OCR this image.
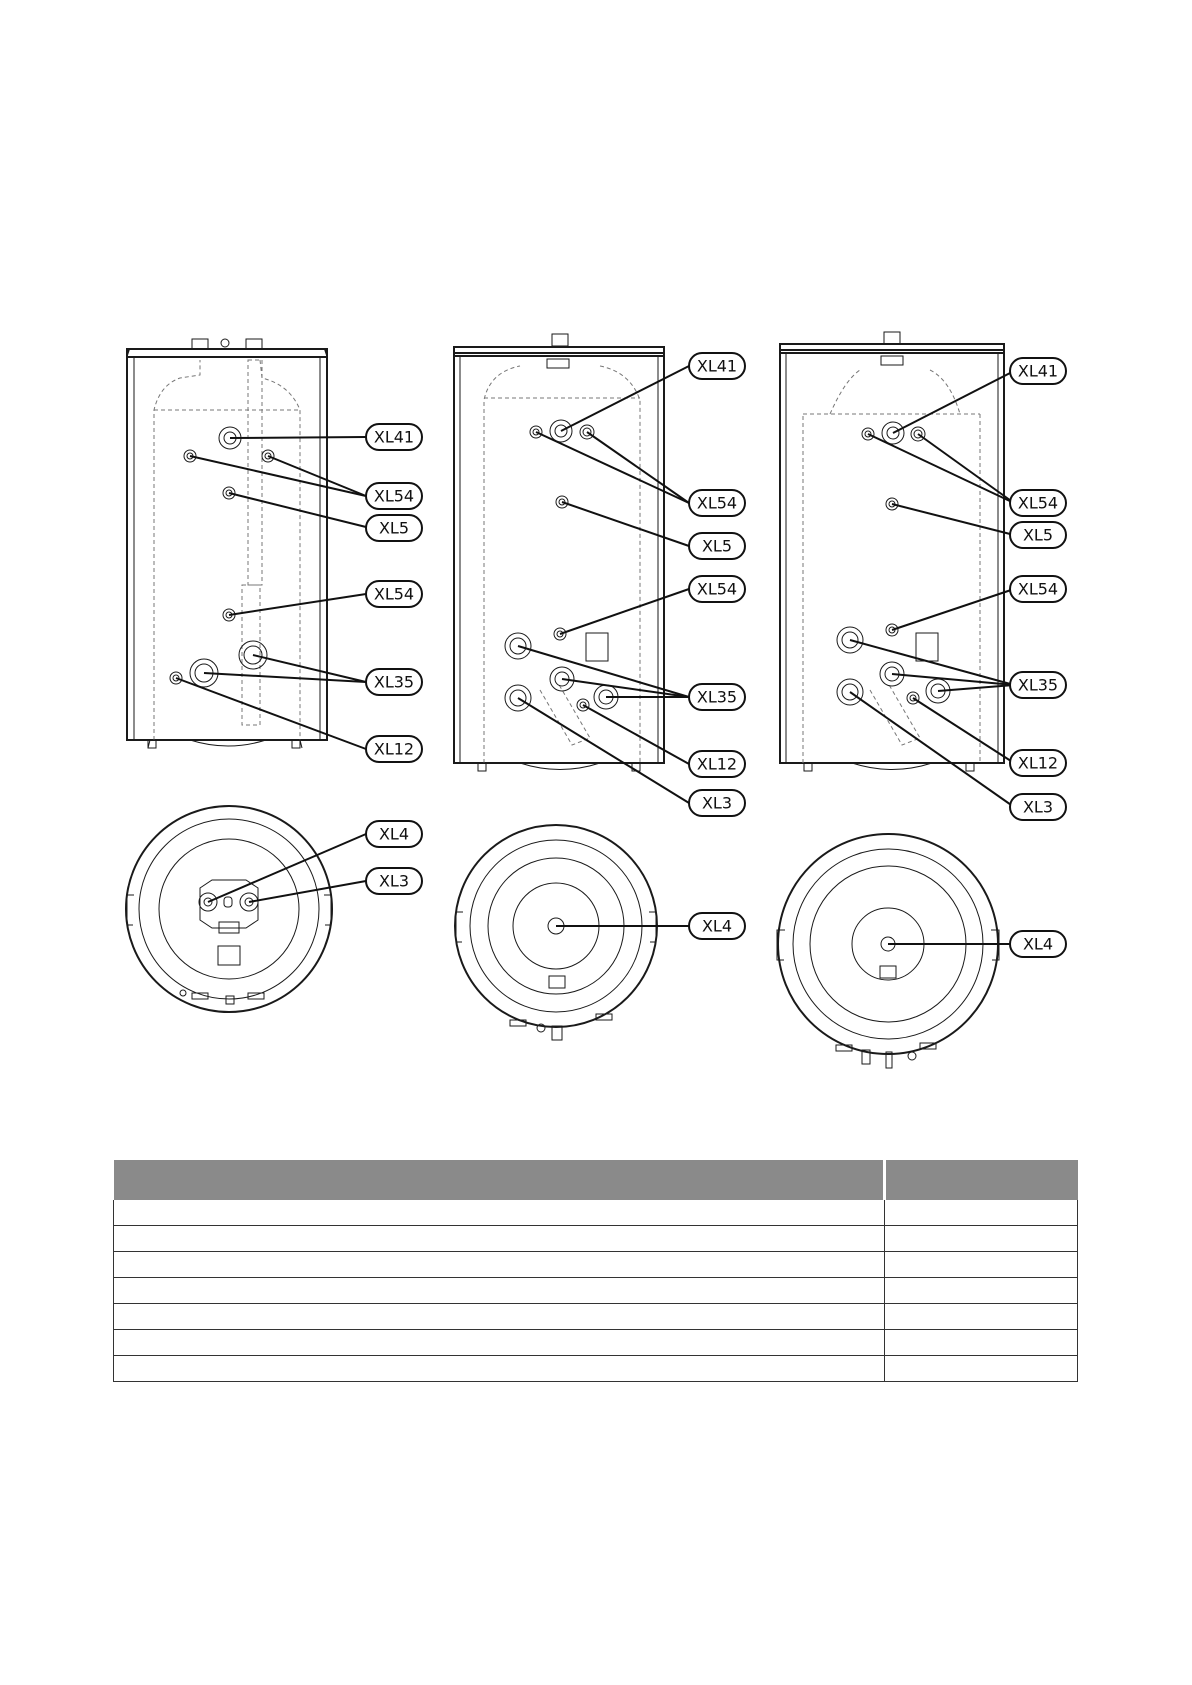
XL41
XL54
XL5
XL54
XL35
XL12
XL41
XL54
XL5
XL54
XL35
XL12
XL3
XL41
XL54
XL5
XL54
XL35
XL12
XL3
XL4
XL3
XL4
XL4
